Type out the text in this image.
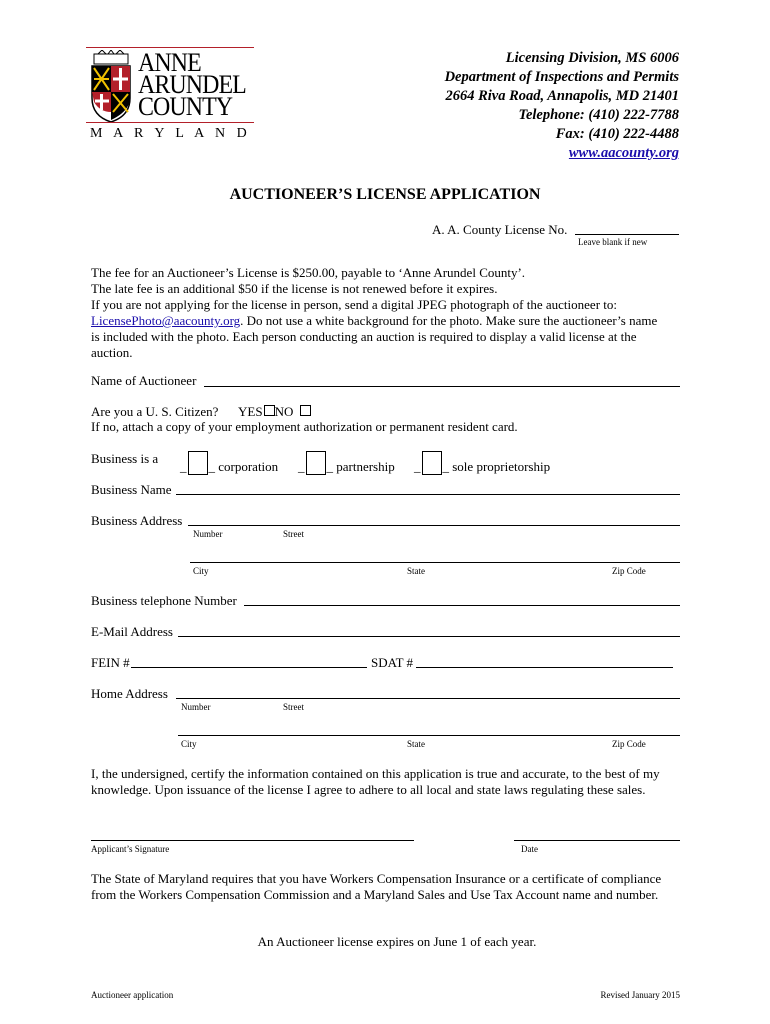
ANNE
ARUNDEL
COUNTY
M A R Y L A N D
Licensing Division, MS 6006
Department of Inspections and Permits
2664 Riva Road, Annapolis, MD 21401
Telephone: (410) 222-7788
Fax: (410) 222-4488
www.aacounty.org
AUCTIONEER’S LICENSE APPLICATION
A. A. County License No.
Leave blank if new
The fee for an Auctioneer’s License is $250.00, payable to ‘Anne Arundel County’.
The late fee is an additional $50 if the license is not renewed before it expires.
If you are not applying for the license in person, send a digital JPEG photograph of the auctioneer to:
LicensePhoto@aacounty.org. Do not use a white background for the photo. Make sure the auctioneer’s name
is included with the photo. Each person conducting an auction is required to display a valid license at the
auction.
Name of Auctioneer
Are you a U. S. Citizen? YES NO
If no, attach a copy of your employment authorization or permanent resident card.
Business is a
_ _ corporation _ _ partnership _ _ sole proprietorship
Business Name
Business Address
Number	Street
City	State	Zip Code
Business telephone Number
E-Mail Address
FEIN #	SDAT #
Home Address
Number	Street
City	State	Zip Code
I, the undersigned, certify the information contained on this application is true and accurate, to the best of my
knowledge. Upon issuance of the license I agree to adhere to all local and state laws regulating these sales.
Applicant’s Signature	Date
The State of Maryland requires that you have Workers Compensation Insurance or a certificate of compliance
from the Workers Compensation Commission and a Maryland Sales and Use Tax Account name and number.
An Auctioneer license expires on June 1 of each year.
Auctioneer application	Revised January 2015
